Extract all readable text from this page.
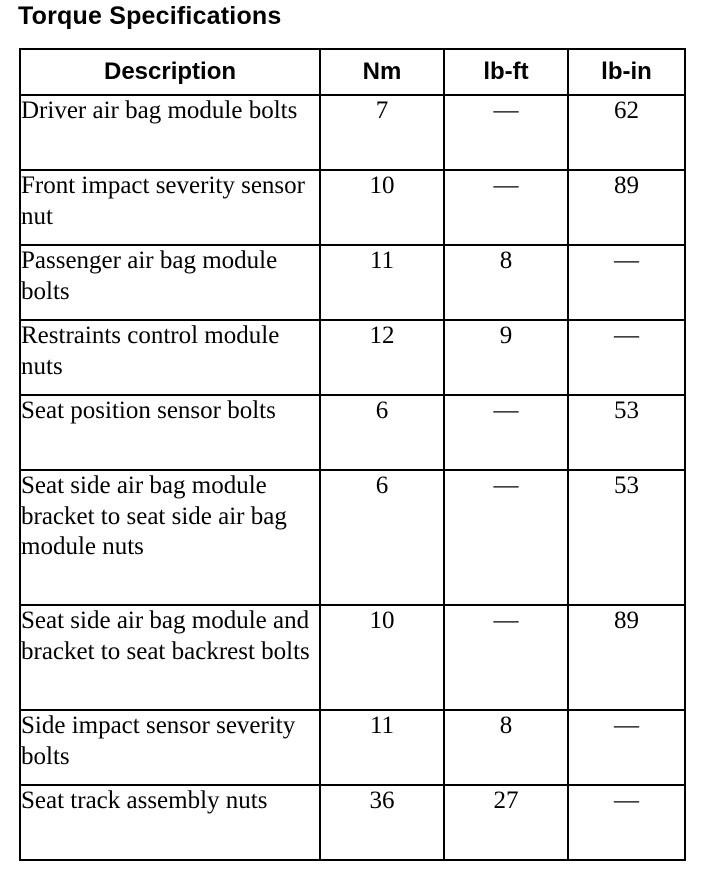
Torque Specifications
Description	Nm	lb-ft	lb-in
Driver air bag module bolts	7	—	62
Front impact severity sensor nut	10	—	89
Passenger air bag module bolts	11	8	—
Restraints control module nuts	12	9	—
Seat position sensor bolts	6	—	53
Seat side air bag module bracket to seat side air bag module nuts	6	—	53
Seat side air bag module and bracket to seat backrest bolts	10	—	89
Side impact sensor severity bolts	11	8	—
Seat track assembly nuts	36	27	—
